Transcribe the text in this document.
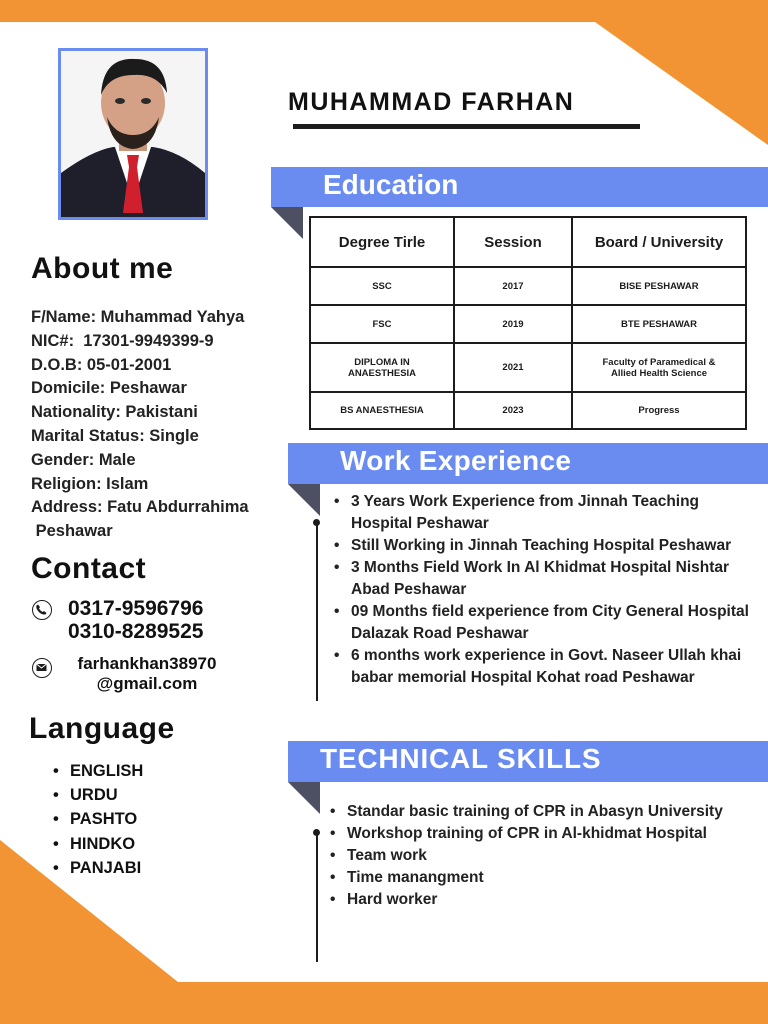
MUHAMMAD FARHAN
About me
F/Name: Muhammad Yahya
NIC#:  17301-9949399-9
D.O.B: 05-01-2001
Domicile: Peshawar
Nationality: Pakistani
Marital Status: Single
Gender: Male
Religion: Islam
Address: Fatu Abdurrahima
Peshawar
Contact
0317-9596796
0310-8289525
farhankhan38970
@gmail.com
Language
• ENGLISH
• URDU
• PASHTO
• HINDKO
• PANJABI
Education
Degree Tirle	Session	Board / University
SSC	2017	BISE PESHAWAR
FSC	2019	BTE PESHAWAR
DIPLOMA IN ANAESTHESIA	2021	Faculty of Paramedical & Allied Health Science
BS ANAESTHESIA	2023	Progress
Work Experience
• 3 Years Work Experience from Jinnah Teaching Hospital Peshawar
• Still Working in Jinnah Teaching Hospital Peshawar
• 3 Months Field Work In Al Khidmat Hospital Nishtar Abad Peshawar
• 09 Months field experience from City General Hospital Dalazak Road Peshawar
• 6 months work experience in Govt. Naseer Ullah khai babar memorial Hospital Kohat road Peshawar
TECHNICAL SKILLS
• Standar basic training of CPR in Abasyn University
• Workshop training of CPR in Al-khidmat Hospital
• Team work
• Time manangment
• Hard worker
